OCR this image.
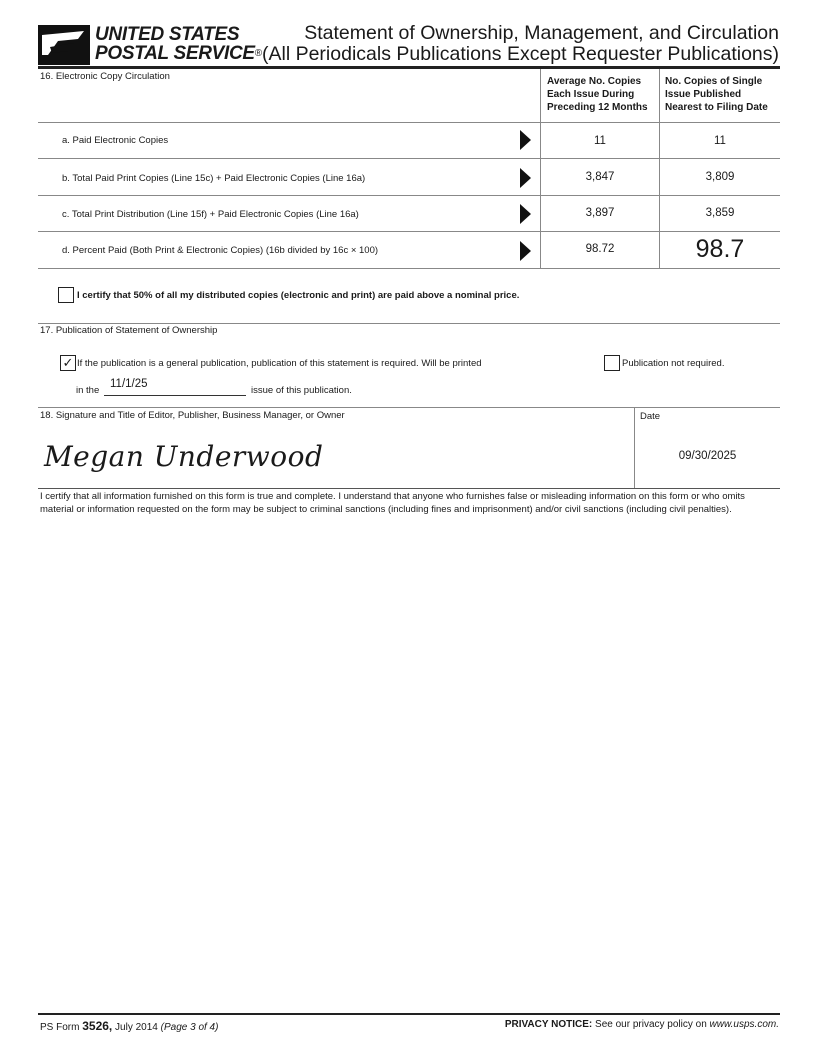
UNITED STATES
POSTAL SERVICE®
Statement of Ownership, Management, and Circulation
(All Periodicals Publications Except Requester Publications)
16. Electronic Copy Circulation	Average No. Copies
Each Issue During
Preceding 12 Months
No. Copies of Single
Issue Published
Nearest to Filing Date
a. Paid Electronic Copies	11	11
b. Total Paid Print Copies (Line 15c) + Paid Electronic Copies (Line 16a)	3,847	3,809
c. Total Print Distribution (Line 15f) + Paid Electronic Copies (Line 16a)	3,897	3,859
d. Percent Paid (Both Print & Electronic Copies) (16b divided by 16c × 100)	98.72	98.7
I certify that 50% of all my distributed copies (electronic and print) are paid above a nominal price.
17. Publication of Statement of Ownership
✓ If the publication is a general publication, publication of this statement is required. Will be printed	Publication not required.
in the
11/1/25
issue of this publication.
18. Signature and Title of Editor, Publisher, Business Manager, or Owner	Date
Megan Underwood	09/30/2025
I certify that all information furnished on this form is true and complete. I understand that anyone who furnishes false or misleading information on this form or who omits material or information requested on the form may be subject to criminal sanctions (including fines and imprisonment) and/or civil sanctions (including civil penalties).
PS Form 3526, July 2014 (Page 3 of 4)	PRIVACY NOTICE: See our privacy policy on www.usps.com.
